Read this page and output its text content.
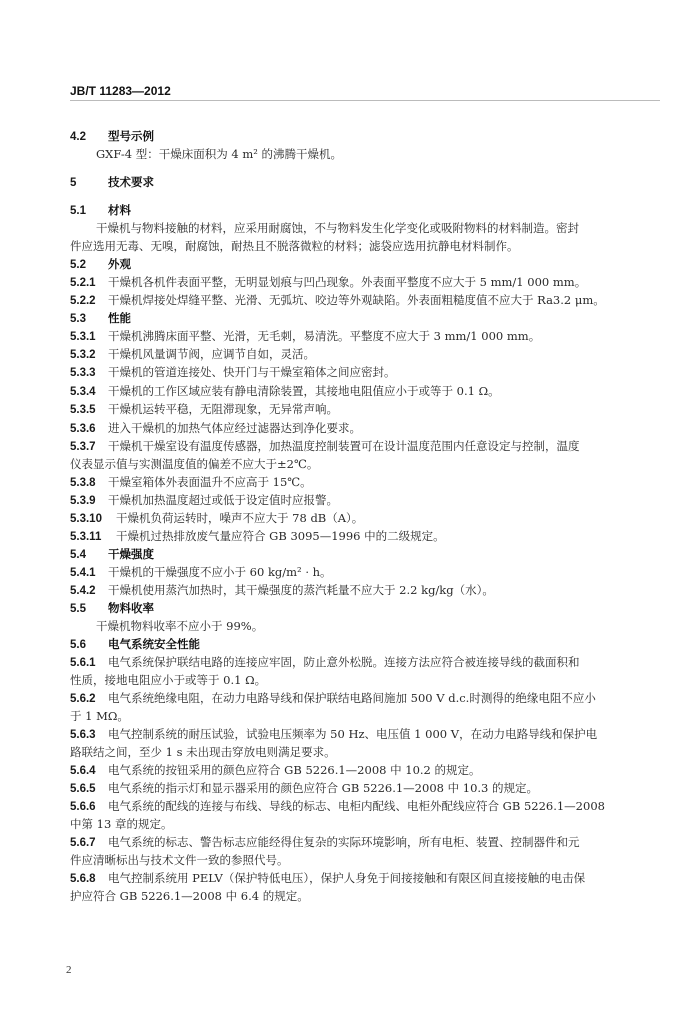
JB/T 11283—2012
4.2 型号示例
GXF-4 型：干燥床面积为 4 m² 的沸腾干燥机。
5	技术要求
5.1 材料
干燥机与物料接触的材料，应采用耐腐蚀，不与物料发生化学变化或吸附物料的材料制造。密封
件应选用无毒、无嗅，耐腐蚀，耐热且不脱落微粒的材料；滤袋应选用抗静电材料制作。
5.2 外观
5.2.1 干燥机各机件表面平整，无明显划痕与凹凸现象。外表面平整度不应大于 5 mm/1 000 mm。
5.2.2 干燥机焊接处焊缝平整、光滑、无弧坑、咬边等外观缺陷。外表面粗糙度值不应大于 Ra3.2 μm。
5.3 性能
5.3.1 干燥机沸腾床面平整、光滑，无毛刺，易清洗。平整度不应大于 3 mm/1 000 mm。
5.3.2 干燥机风量调节阀，应调节自如，灵活。
5.3.3 干燥机的管道连接处、快开门与干燥室箱体之间应密封。
5.3.4 干燥机的工作区域应装有静电清除装置，其接地电阻值应小于或等于 0.1 Ω。
5.3.5 干燥机运转平稳，无阻滞现象，无异常声响。
5.3.6 进入干燥机的加热气体应经过滤器达到净化要求。
5.3.7 干燥机干燥室设有温度传感器，加热温度控制装置可在设计温度范围内任意设定与控制，温度
仪表显示值与实测温度值的偏差不应大于±2℃。
5.3.8 干燥室箱体外表面温升不应高于 15℃。
5.3.9 干燥机加热温度超过或低于设定值时应报警。
5.3.10 干燥机负荷运转时，噪声不应大于 78 dB（A）。
5.3.11 干燥机过热排放废气量应符合 GB 3095—1996 中的二级规定。
5.4 干燥强度
5.4.1 干燥机的干燥强度不应小于 60 kg/m² · h。
5.4.2 干燥机使用蒸汽加热时，其干燥强度的蒸汽耗量不应大于 2.2 kg/kg（水）。
5.5 物料收率
干燥机物料收率不应小于 99%。
5.6 电气系统安全性能
5.6.1 电气系统保护联结电路的连接应牢固，防止意外松脱。连接方法应符合被连接导线的截面积和
性质，接地电阻应小于或等于 0.1 Ω。
5.6.2 电气系统绝缘电阻，在动力电路导线和保护联结电路间施加 500 V d.c.时测得的绝缘电阻不应小
于 1 MΩ。
5.6.3 电气控制系统的耐压试验，试验电压频率为 50 Hz、电压值 1 000 V，在动力电路导线和保护电
路联结之间，至少 1 s 未出现击穿放电则满足要求。
5.6.4 电气系统的按钮采用的颜色应符合 GB 5226.1—2008 中 10.2 的规定。
5.6.5 电气系统的指示灯和显示器采用的颜色应符合 GB 5226.1—2008 中 10.3 的规定。
5.6.6 电气系统的配线的连接与布线、导线的标志、电柜内配线、电柜外配线应符合 GB 5226.1—2008
中第 13 章的规定。
5.6.7 电气系统的标志、警告标志应能经得住复杂的实际环境影响，所有电柜、装置、控制器件和元
件应清晰标出与技术文件一致的参照代号。
5.6.8 电气控制系统用 PELV（保护特低电压），保护人身免于间接接触和有限区间直接接触的电击保
护应符合 GB 5226.1—2008 中 6.4 的规定。
2
